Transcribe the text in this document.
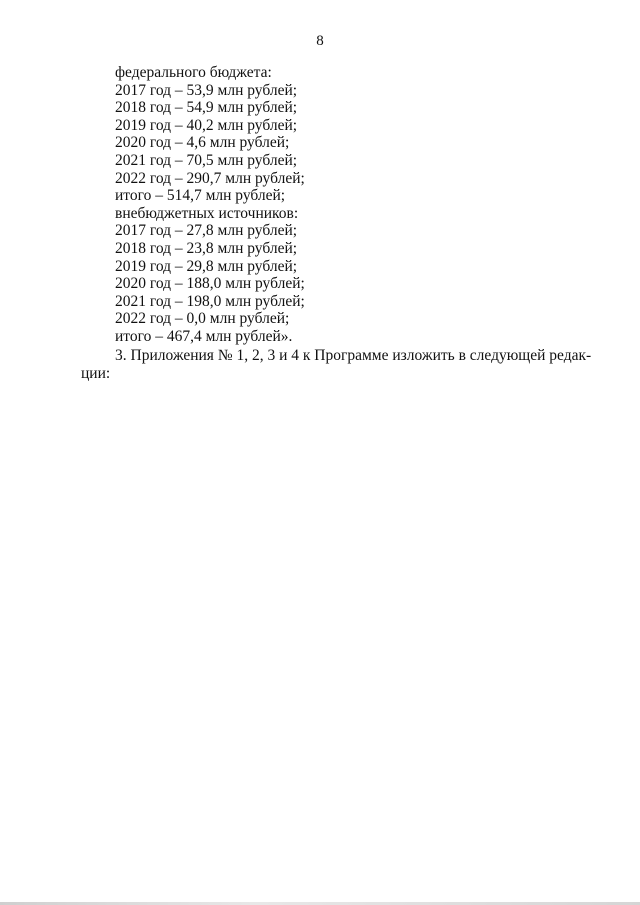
8
федерального бюджета:
2017 год – 53,9 млн рублей;
2018 год – 54,9 млн рублей;
2019 год – 40,2 млн рублей;
2020 год – 4,6 млн рублей;
2021 год – 70,5 млн рублей;
2022 год – 290,7 млн рублей;
итого – 514,7 млн рублей;
внебюджетных источников:
2017 год – 27,8 млн рублей;
2018 год – 23,8 млн рублей;
2019 год – 29,8 млн рублей;
2020 год – 188,0 млн рублей;
2021 год – 198,0 млн рублей;
2022 год – 0,0 млн рублей;
итого – 467,4 млн рублей».
3. Приложения № 1, 2, 3 и 4 к Программе изложить в следующей редак-
ции:
